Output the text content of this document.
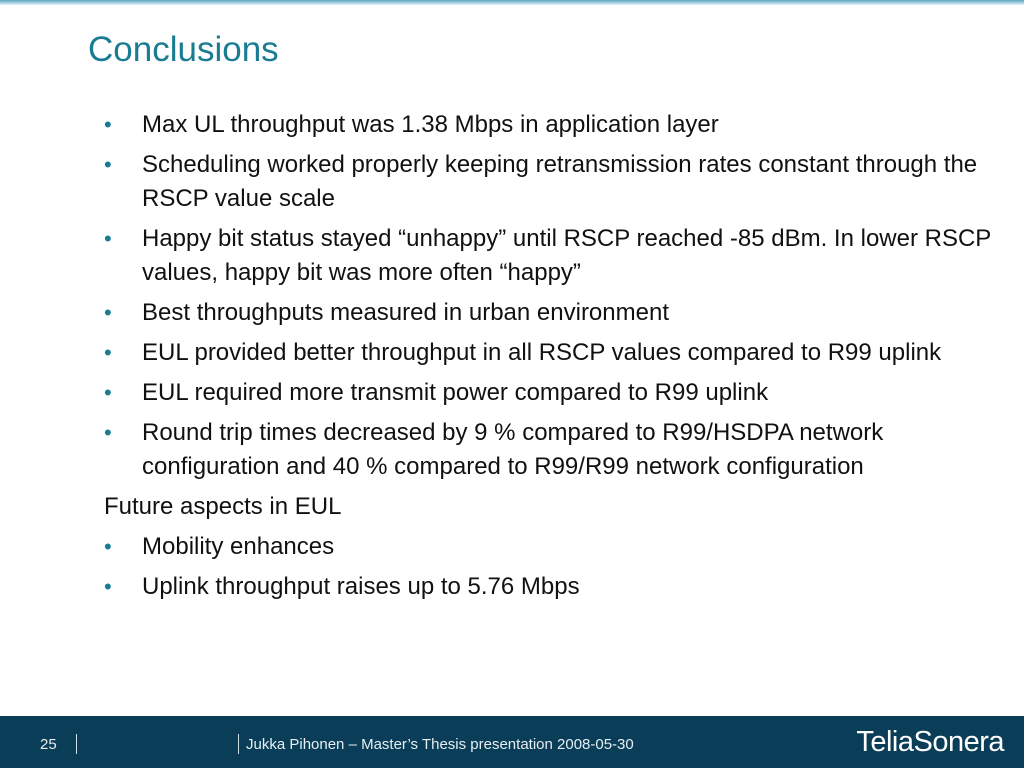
Conclusions
•	Max UL throughput was 1.38 Mbps in application layer
•	Scheduling worked properly keeping retransmission rates constant through the RSCP value scale
•	Happy bit status stayed “unhappy” until RSCP reached -85 dBm. In lower RSCP values, happy bit was more often “happy”
•	Best throughputs measured in urban environment
•	EUL provided better throughput in all RSCP values compared to R99 uplink
•	EUL required more transmit power compared to R99 uplink
•	Round trip times decreased by 9 % compared to R99/HSDPA network configuration and 40 % compared to R99/R99 network configuration
Future aspects in EUL
•	Mobility enhances
•	Uplink throughput raises up to 5.76 Mbps
25	Jukka Pihonen – Master’s Thesis presentation 2008-05-30	TeliaSonera
